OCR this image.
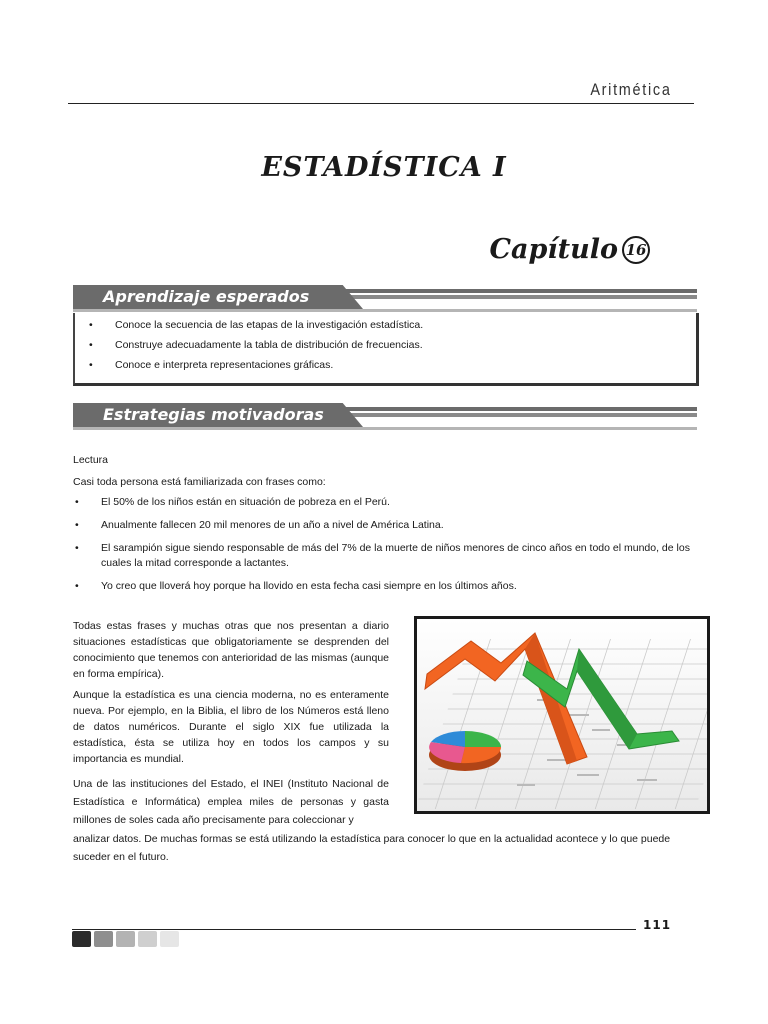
Aritmética
ESTADÍSTICA I
Capítulo 16
Aprendizaje esperados
• Conoce la secuencia de las etapas de la investigación estadística.
• Construye adecuadamente la tabla de distribución de frecuencias.
• Conoce e interpreta representaciones gráficas.
Estrategias motivadoras
Lectura
Casi toda persona está familiarizada con frases como:
• El 50% de los niños están en situación de pobreza en el Perú.
• Anualmente fallecen 20 mil menores de un año a nivel de América Latina.
• El sarampión sigue siendo responsable de más del 7% de la muerte de niños menores de cinco años en todo el mundo, de los cuales la mitad corresponde a lactantes.
• Yo creo que lloverá hoy porque ha llovido en esta fecha casi siempre en los últimos años.
Todas estas frases y muchas otras que nos presentan a diario situaciones estadísticas que obligatoriamente se desprenden del conocimiento que tenemos con anterioridad de las mismas (aunque en forma empírica).
Aunque la estadística es una ciencia moderna, no es enteramente nueva. Por ejemplo, en la Biblia, el libro de los Números está lleno de datos numéricos. Durante el siglo XIX fue utilizada la estadística, ésta se utiliza hoy en todos los campos y su importancia es mundial.
Una de las instituciones del Estado, el INEI (Instituto Nacional de Estadística e Informática) emplea miles de personas y gasta millones de soles cada año precisamente para coleccionar y
analizar datos. De muchas formas se está utilizando la estadística para conocer lo que en la actualidad acontece y lo que puede suceder en el futuro.
111
